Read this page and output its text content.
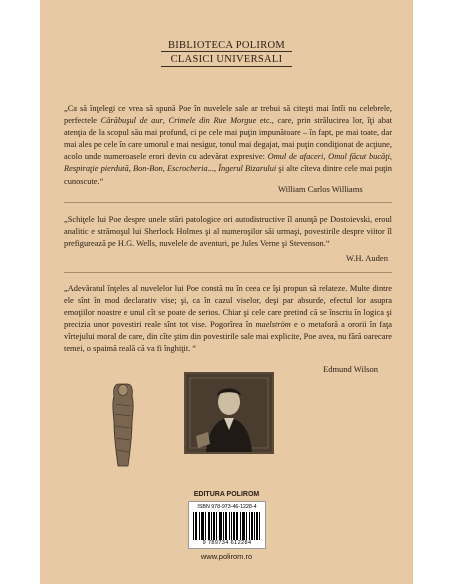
BIBLIOTECA POLIROM
CLASICI UNIVERSALI
„Ca să înţelegi ce vrea să spună Poe în nuvelele sale ar trebui să citeşti mai întîi nu celebrele, perfectele Cărăbuşul de aur, Crimele din Rue Morgue etc., care, prin strălucirea lor, îţi abat atenţia de la scopul său mai profund, ci pe cele mai puţin impunătoare – în fapt, pe mai toate, dar mai ales pe cele în care umorul e mai nesigur, tonul mai degajat, mai puţin condiţionat de acţiune, acolo unde numeroasele erori devin cu adevărat expresive: Omul de afaceri, Omul făcut bucăţi, Respiraţie pierdută, Bon-Bon, Escrocheria..., Îngerul Bizarului şi alte cîteva dintre cele mai puţin cunoscute.“
William Carlos Williams
„Schiţele lui Poe despre unele stări patologice ori autodistructive îl anunţă pe Dostoievski, eroul analitic e strămoşul lui Sherlock Holmes şi al numeroşilor săi urmaşi, povestirile despre viitor îl prefigurează pe H.G. Wells, nuvelele de aventuri, pe Jules Verne şi Stevenson.“
W.H. Auden
„Adevăratul înţeles al nuvelelor lui Poe constă nu în ceea ce îşi propun să relateze. Multe dintre ele sînt în mod declarativ vise; şi, ca în cazul viselor, deşi par absurde, efectul lor asupra emoţiilor noastre e unul cît se poate de serios. Chiar şi cele care pretind că se înscriu în logica şi precizia unor povestiri reale sînt tot vise. Pogorîrea în maelström e o metaforă a ororii în faţa vîrtejului moral de care, din cîte ştim din povestirile sale mai explicite, Poe avea, nu fără oarecare temei, o spaimă reală că va fi înghiţit. “
Edmund Wilson
EDITURA POLIROM
ISBN 978-973-46-1228-4
9 789734 612284
www.polirom.ro
